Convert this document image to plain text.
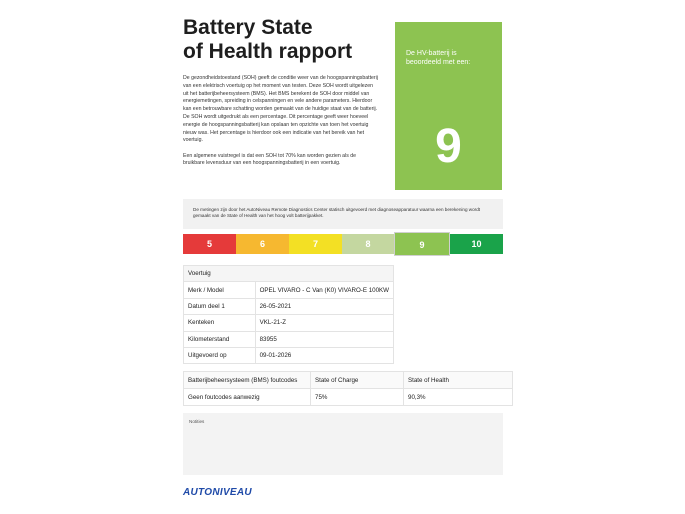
Battery State
of Health rapport

De gezondheidstoestand (SOH) geeft de conditie weer van de hoogspanningsbatterij van een elektrisch voertuig op het moment van testen. Deze SOH wordt uitgelezen uit het batterijbeheersysteem (BMS). Het BMS berekent de SOH door middel van energiemetingen, spreiding in celspanningen en vele andere parameters. Hierdoor kan een betrouwbare schatting worden gemaakt van de huidige staat van de batterij. De SOH wordt uitgedrukt als een percentage. Dit percentage geeft weer hoeveel energie de hoogspanningsbatterij kan opslaan ten opzichte van toen het voertuig nieuw was. Het percentage is hierdoor ook een indicatie van het bereik van het voertuig.

Een algemene vuistregel is dat een SOH tot 70% kan worden gezien als de bruikbare levensduur van een hoogspanningsbatterij in een voertuig.

De HV-batterij is beoordeeld met een:
9
De metingen zijn door het AutoNiveau Remote Diagnostics Center statisch uitgevoerd met diagnoseapparatuur waarna een berekening wordt gemaakt van de State of Health van het hoog volt batterijpakket.
5	6	7	8	9	10
Voertuig	
Merk / Model	OPEL VIVARO - C Van (K0) VIVARO-E 100KW
Datum deel 1	26-05-2021
Kenteken	VKL-21-Z
Kilometerstand	83955
Uitgevoerd op	09-01-2026
Batterijbeheersysteem (BMS) foutcodes	State of Charge	State of Health
Geen foutcodes aanwezig	75%	90,3%
Notities
AUTONIVEAU
